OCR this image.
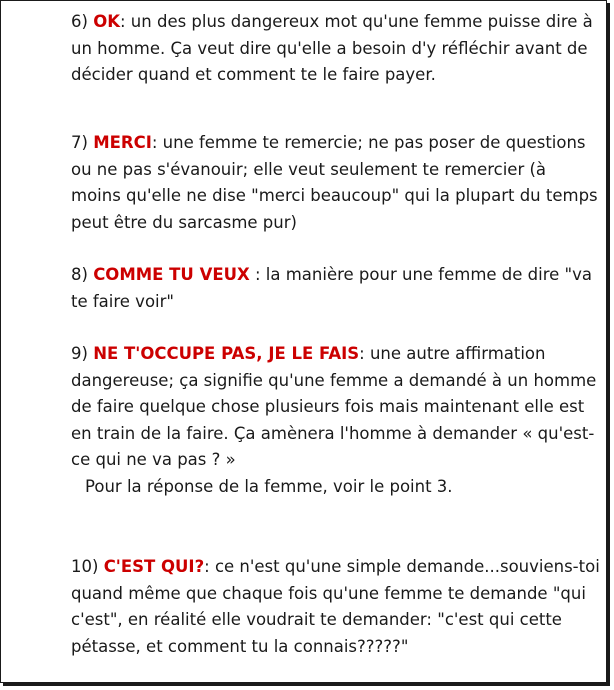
6) OK: un des plus dangereux mot qu'une femme puisse dire à un homme. Ça veut dire qu'elle a besoin d'y réfléchir avant de décider quand et comment te le faire payer.

7) MERCI: une femme te remercie; ne pas poser de questions ou ne pas s'évanouir; elle veut seulement te remercier (à moins qu'elle ne dise "merci beaucoup" qui la plupart du temps peut être du sarcasme pur)

8) COMME TU VEUX : la manière pour une femme de dire "va te faire voir"

9) NE T'OCCUPE PAS, JE LE FAIS: une autre affirmation dangereuse; ça signifie qu'une femme a demandé à un homme de faire quelque chose plusieurs fois mais maintenant elle est en train de la faire. Ça amènera l'homme à demander « qu'est-ce qui ne va pas ? »
Pour la réponse de la femme, voir le point 3.

10) C'EST QUI?: ce n'est qu'une simple demande...souviens-toi quand même que chaque fois qu'une femme te demande "qui c'est", en réalité elle voudrait te demander: "c'est qui cette pétasse, et comment tu la connais?????"
